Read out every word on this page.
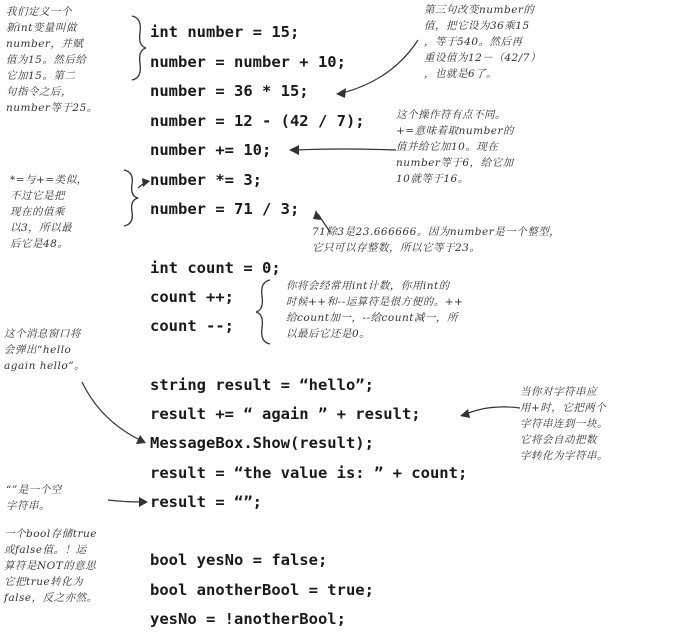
int number = 15;
number = number + 10;
number = 36 * 15;
number = 12 - (42 / 7);
number += 10;
number *= 3;
number = 71 / 3;
int count = 0;
count ++;
count --;
string result = “hello”;
result += “ again ” + result;
MessageBox.Show(result);
result = “the value is: ” + count;
result = “”;
bool yesNo = false;
bool anotherBool = true;
yesNo = !anotherBool;
我们定义一个
新int变量叫做
number，并赋
值为15。然后给
它加15。第二
句指令之后，
number等于25。
第三句改变number的
值，把它设为36乘15
，等于540。然后再
重设值为12－（42/7）
，也就是6了。
这个操作符有点不同。
+=意味着取number的
值并给它加10。现在
number等于6，给它加
10就等于16。
*=与+=类似，
不过它是把
现在的值乘
以3，所以最
后它是48。
71除3是23.666666。因为number是一个整型，
它只可以存整数，所以它等于23。
你将会经常用int计数，你用int的
时候++和--运算符是很方便的。++
给count加一，--给count减一，所
以最后它还是0。
这个消息窗口将
会弹出“hello
again hello”。
当你对字符串应
用+时，它把两个
字符串连到一块。
它将会自动把数
字转化为字符串。
“”是一个空
字符串。
一个bool存储true
或false值。！运
算符是NOT的意思
它把true转化为
false，反之亦然。
